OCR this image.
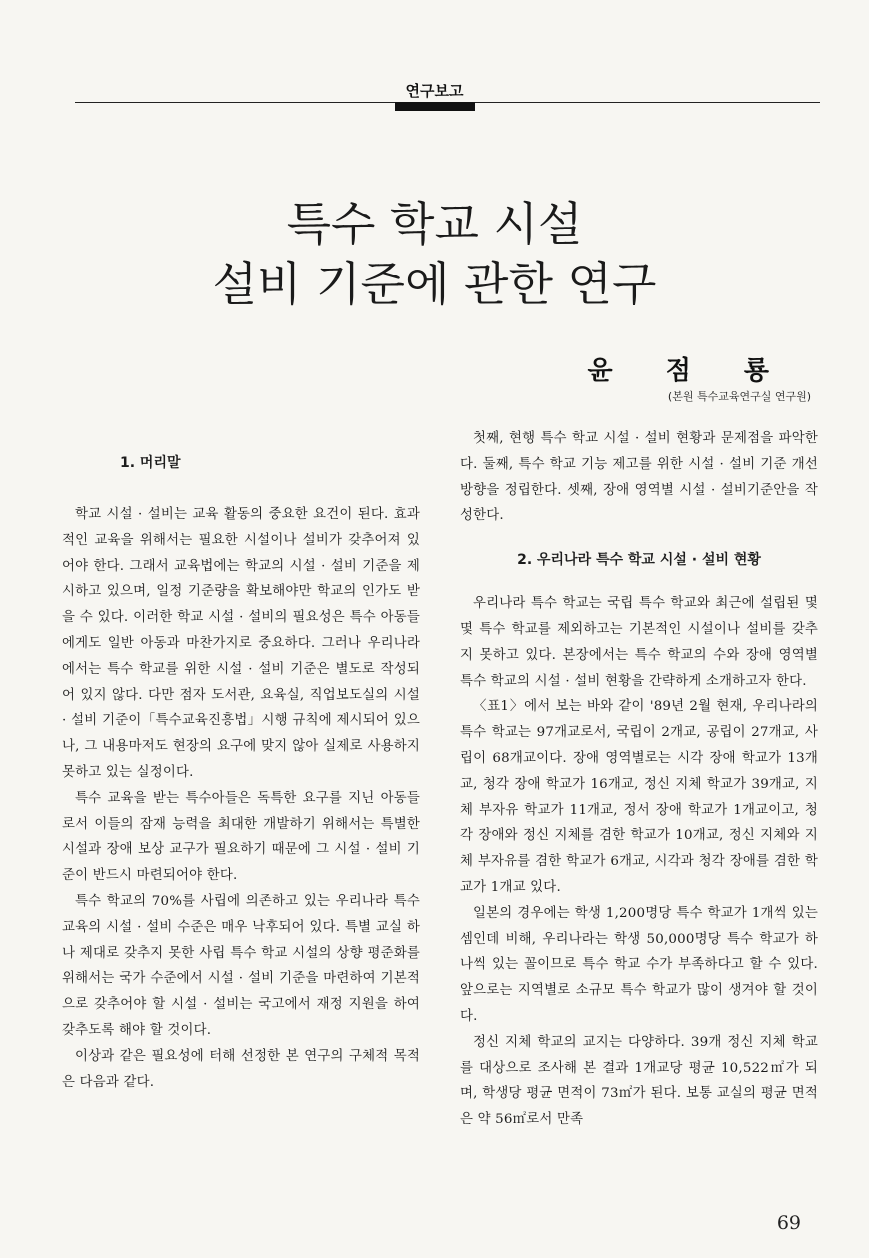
연구보고
특수 학교 시설
설비 기준에 관한 연구
윤 점 룡
(본원 특수교육연구실 연구원)
1. 머리말

학교 시설 · 설비는 교육 활동의 중요한 요건이 된다. 효과적인 교육을 위해서는 필요한 시설이나 설비가 갖추어져 있어야 한다. 그래서 교육법에는 학교의 시설 · 설비 기준을 제시하고 있으며, 일정 기준량을 확보해야만 학교의 인가도 받을 수 있다. 이러한 학교 시설 · 설비의 필요성은 특수 아동들에게도 일반 아동과 마찬가지로 중요하다. 그러나 우리나라에서는 특수 학교를 위한 시설 · 설비 기준은 별도로 작성되어 있지 않다. 다만 점자 도서관, 요육실, 직업보도실의 시설 · 설비 기준이「특수교육진흥법」시행 규칙에 제시되어 있으나, 그 내용마저도 현장의 요구에 맞지 않아 실제로 사용하지 못하고 있는 실정이다.

특수 교육을 받는 특수아들은 독특한 요구를 지닌 아동들로서 이들의 잠재 능력을 최대한 개발하기 위해서는 특별한 시설과 장애 보상 교구가 필요하기 때문에 그 시설 · 설비 기준이 반드시 마련되어야 한다.

특수 학교의 70%를 사립에 의존하고 있는 우리나라 특수 교육의 시설 · 설비 수준은 매우 낙후되어 있다. 특별 교실 하나 제대로 갖추지 못한 사립 특수 학교 시설의 상향 평준화를 위해서는 국가 수준에서 시설 · 설비 기준을 마련하여 기본적으로 갖추어야 할 시설 · 설비는 국고에서 재정 지원을 하여 갖추도록 해야 할 것이다.

이상과 같은 필요성에 터해 선정한 본 연구의 구체적 목적은 다음과 같다.

첫째, 현행 특수 학교 시설 · 설비 현황과 문제점을 파악한다. 둘째, 특수 학교 기능 제고를 위한 시설 · 설비 기준 개선 방향을 정립한다. 셋째, 장애 영역별 시설 · 설비기준안을 작성한다.

2. 우리나라 특수 학교 시설 · 설비 현황

우리나라 특수 학교는 국립 특수 학교와 최근에 설립된 몇몇 특수 학교를 제외하고는 기본적인 시설이나 설비를 갖추지 못하고 있다. 본장에서는 특수 학교의 수와 장애 영역별 특수 학교의 시설 · 설비 현황을 간략하게 소개하고자 한다.

〈표1〉에서 보는 바와 같이 '89년 2월 현재, 우리나라의 특수 학교는 97개교로서, 국립이 2개교, 공립이 27개교, 사립이 68개교이다. 장애 영역별로는 시각 장애 학교가 13개교, 청각 장애 학교가 16개교, 정신 지체 학교가 39개교, 지체 부자유 학교가 11개교, 정서 장애 학교가 1개교이고, 청각 장애와 정신 지체를 겸한 학교가 10개교, 정신 지체와 지체 부자유를 겸한 학교가 6개교, 시각과 청각 장애를 겸한 학교가 1개교 있다.

일본의 경우에는 학생 1,200명당 특수 학교가 1개씩 있는 셈인데 비해, 우리나라는 학생 50,000명당 특수 학교가 하나씩 있는 꼴이므로 특수 학교 수가 부족하다고 할 수 있다. 앞으로는 지역별로 소규모 특수 학교가 많이 생겨야 할 것이다.

정신 지체 학교의 교지는 다양하다. 39개 정신 지체 학교를 대상으로 조사해 본 결과 1개교당 평균 10,522㎡가 되며, 학생당 평균 면적이 73㎡가 된다. 보통 교실의 평균 면적은 약 56㎡로서 만족

69
